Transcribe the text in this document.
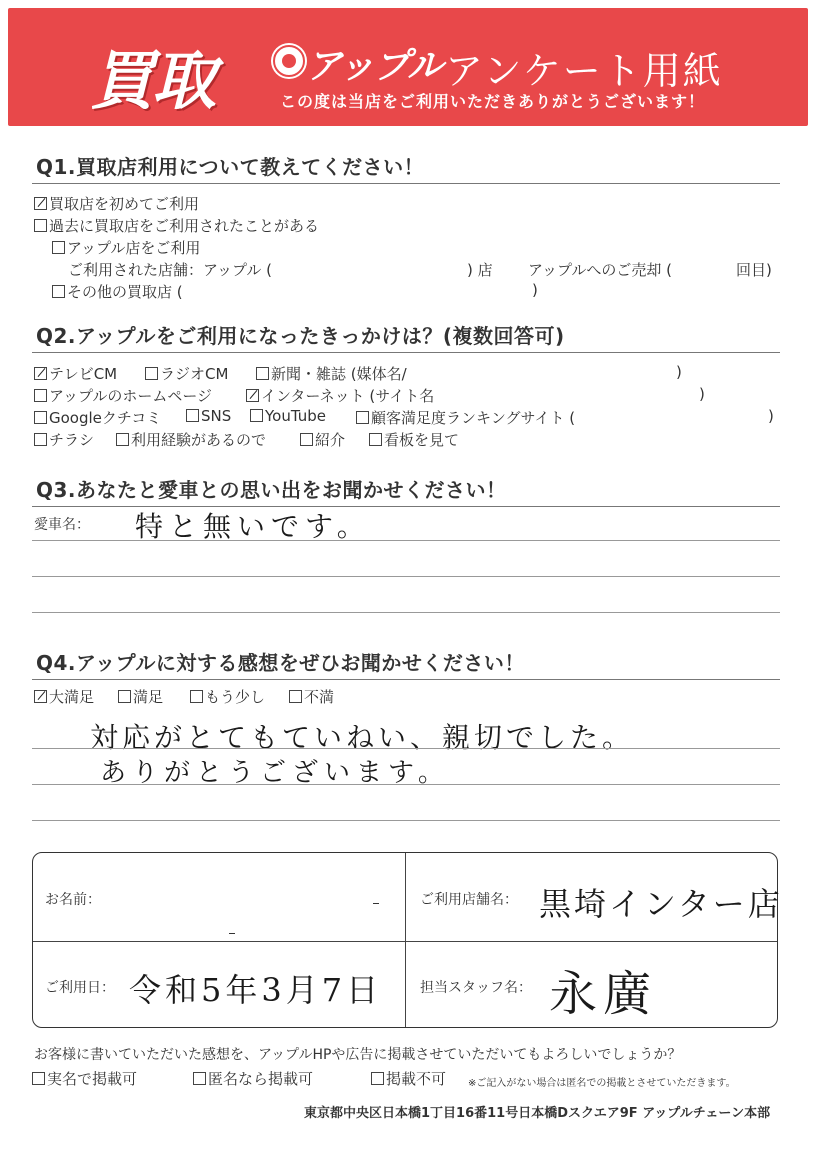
買取	アップル アンケート用紙
この度は当店をご利用いただきありがとうございます！
Q1.買取店利用について教えてください！
買取店を初めてご利用
過去に買取店をご利用されたことがある
アップル店をご利用
ご利用された店舗：アップル (	) 店 アップルへのご売却 (	回目)
その他の買取店 (	)
Q2.アップルをご利用になったきっかけは？(複数回答可)
テレビCM	ラジオCM	新聞・雑誌 (媒体名/	)
アップルのホームページ	インターネット (サイト名	)
Googleクチコミ	SNS	YouTube	顧客満足度ランキングサイト (	)
チラシ	利用経験があるので	紹介	看板を見て
Q3.あなたと愛車との思い出をお聞かせください！
愛車名： 特と無いです。
Q4.アップルに対する感想をぜひお聞かせください！
大満足	満足	もう少し	不満
対応がとてもていねい、親切でした。
ありがとうございます。
お名前：	ご利用店舗名： 黒埼インター店
ご利用日： 令和5年3月7日	担当スタッフ名： 永廣
お客様に書いていただいた感想を、アップルHPや広告に掲載させていただいてもよろしいでしょうか？
実名で掲載可	匿名なら掲載可	掲載不可 ※ご記入がない場合は匿名での掲載とさせていただきます。
東京都中央区日本橋1丁目16番11号日本橋Dスクエア9F アップルチェーン本部
